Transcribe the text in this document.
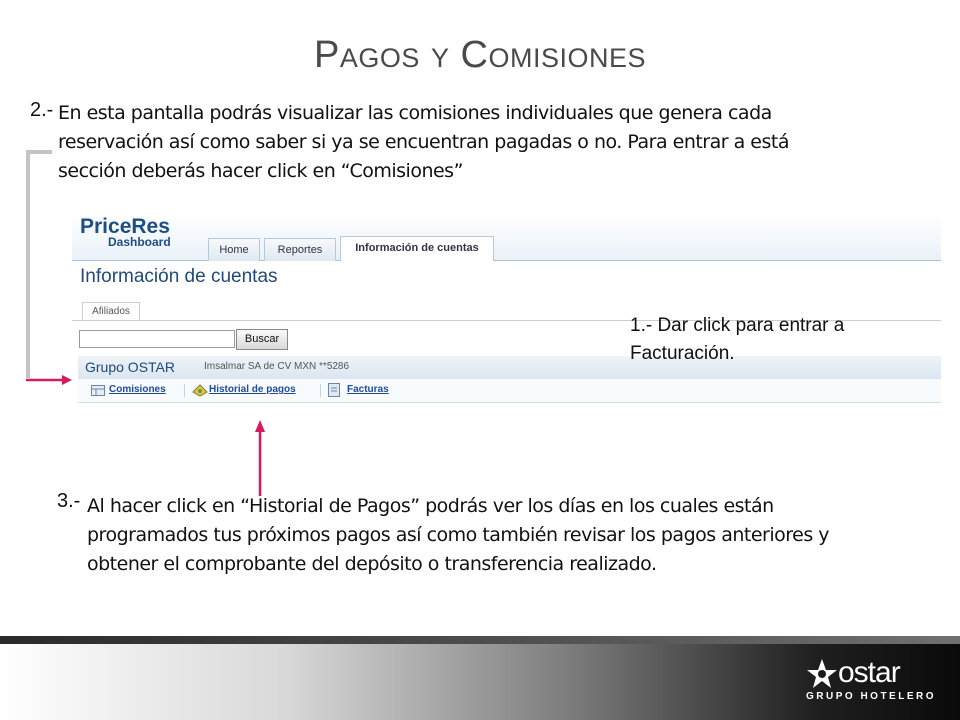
Pagos y Comisiones
2.- En esta pantalla podrás visualizar las comisiones individuales que genera cada reservación así como saber si ya se encuentran pagadas o no. Para entrar a está sección deberás hacer click en “Comisiones”
PriceRes
Dashboard
Home	Reportes	Información de cuentas
Información de cuentas
Afiliados
Buscar
Grupo OSTAR	Imsalmar SA de CV MXN **5286
Comisiones	Historial de pagos	Facturas
1.- Dar click para entrar a Facturación.
3.- Al hacer click en “Historial de Pagos” podrás ver los días en los cuales están programados tus próximos pagos así como también revisar los pagos anteriores y obtener el comprobante del depósito o transferencia realizado.
ostar
GRUPO HOTELERO
